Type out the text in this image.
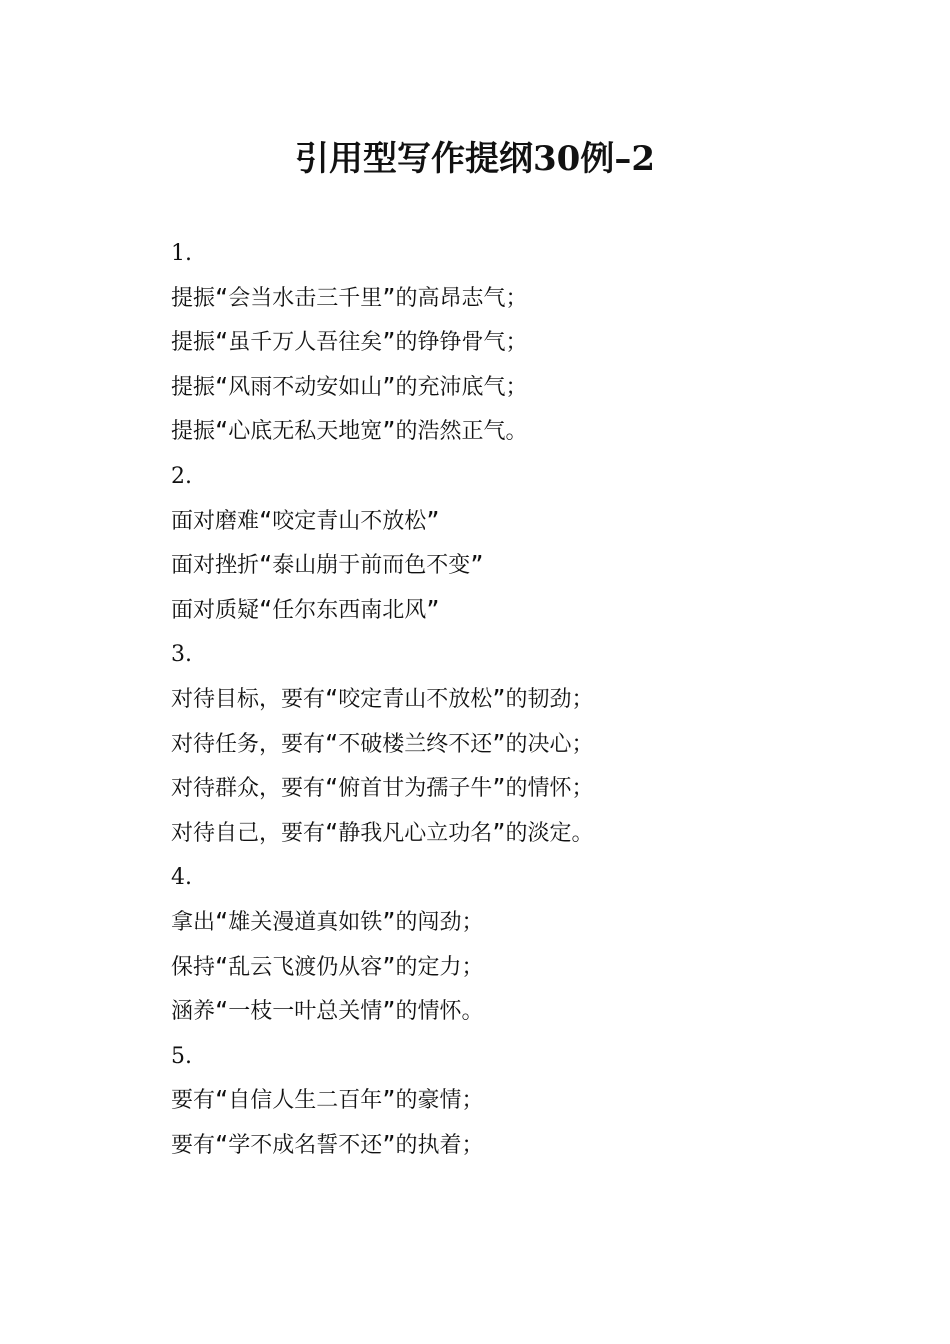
引用型写作提纲30例–2

1.

提振“会当水击三千里”的高昂志气；

提振“虽千万人吾往矣”的铮铮骨气；

提振“风雨不动安如山”的充沛底气；

提振“心底无私天地宽”的浩然正气。

2.

面对磨难“咬定青山不放松”

面对挫折“泰山崩于前而色不变”

面对质疑“任尔东西南北风”

3.

对待目标，要有“咬定青山不放松”的韧劲；

对待任务，要有“不破楼兰终不还”的决心；

对待群众，要有“俯首甘为孺子牛”的情怀；

对待自己，要有“静我凡心立功名”的淡定。

4.

拿出“雄关漫道真如铁”的闯劲；

保持“乱云飞渡仍从容”的定力；

涵养“一枝一叶总关情”的情怀。

5.

要有“自信人生二百年”的豪情；

要有“学不成名誓不还”的执着；
